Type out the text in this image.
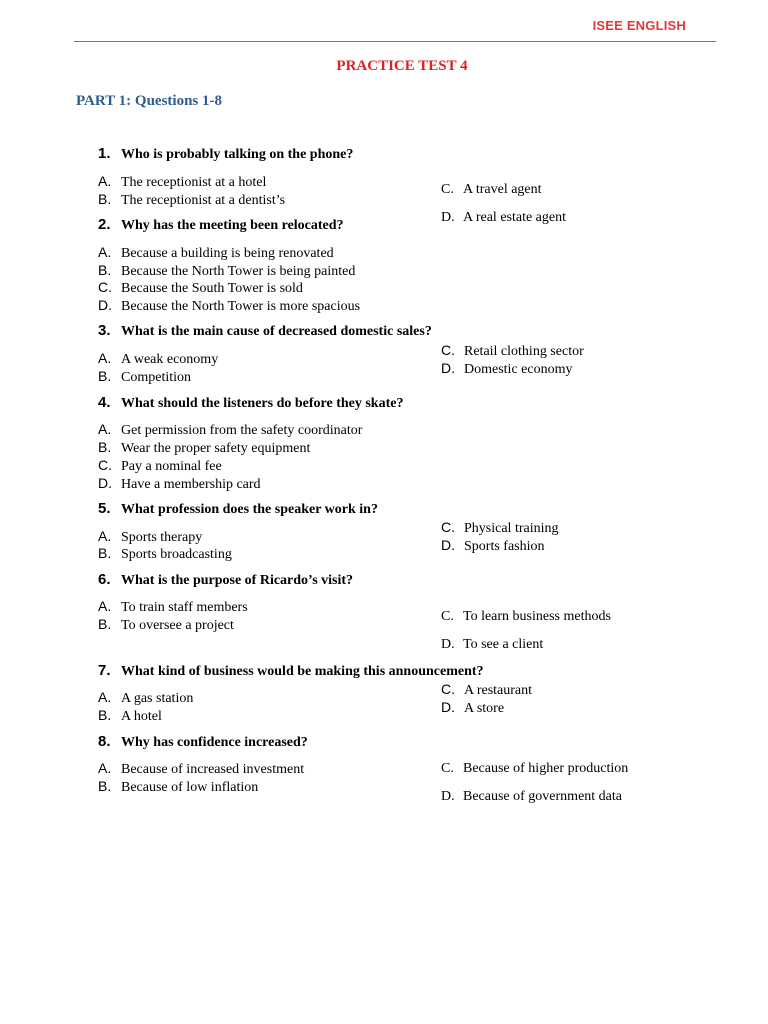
ISEE ENGLISH
PRACTICE TEST 4
PART 1: Questions 1-8
1. Who is probably talking on the phone?
A. The receptionist at a hotel
B. The receptionist at a dentist’s
C. A travel agent
D. A real estate agent
2. Why has the meeting been relocated?
A. Because a building is being renovated
B. Because the North Tower is being painted
C. Because the South Tower is sold
D. Because the North Tower is more spacious
3. What is the main cause of decreased domestic sales?
A. A weak economy
B. Competition
C. Retail clothing sector
D. Domestic economy
4. What should the listeners do before they skate?
A. Get permission from the safety coordinator
B. Wear the proper safety equipment
C. Pay a nominal fee
D. Have a membership card
5. What profession does the speaker work in?
A. Sports therapy
B. Sports broadcasting
C. Physical training
D. Sports fashion
6. What is the purpose of Ricardo’s visit?
A. To train staff members
B. To oversee a project
C. To learn business methods
D. To see a client
7. What kind of business would be making this announcement?
A. A gas station
B. A hotel
C. A restaurant
D. A store
8. Why has confidence increased?
A. Because of increased investment
B. Because of low inflation
C. Because of higher production
D. Because of government data
